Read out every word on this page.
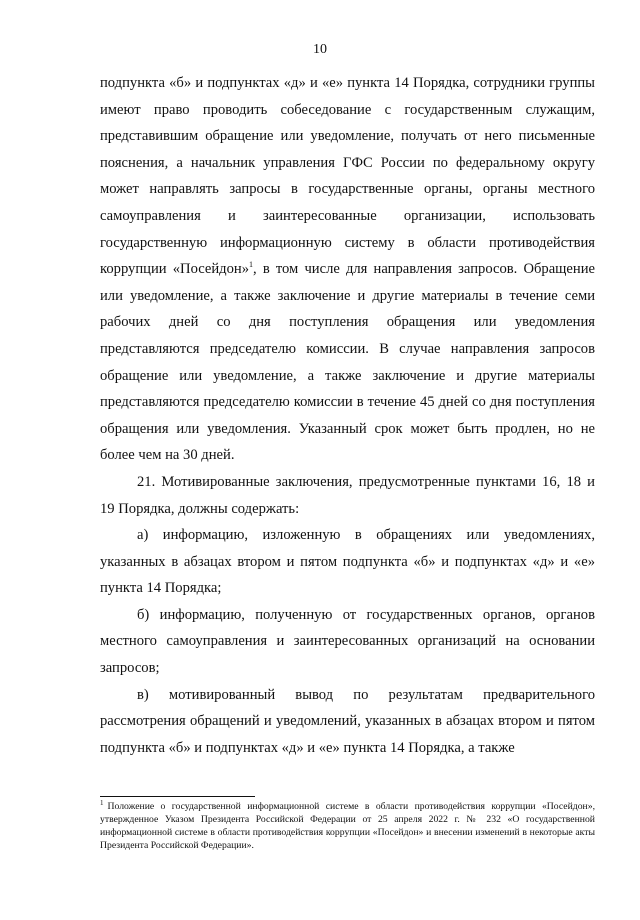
10

подпункта «б» и подпунктах «д» и «е» пункта 14 Порядка, сотрудники группы имеют право проводить собеседование с государственным служащим, представившим обращение или уведомление, получать от него письменные пояснения, а начальник управления ГФС России по федеральному округу может направлять запросы в государственные органы, органы местного самоуправления и заинтересованные организации, использовать государственную информационную систему в области противодействия коррупции «Посейдон»$^1$, в том числе для направления запросов. Обращение или уведомление, а также заключение и другие материалы в течение семи рабочих дней со дня поступления обращения или уведомления представляются председателю комиссии. В случае направления запросов обращение или уведомление, а также заключение и другие материалы представляются председателю комиссии в течение 45 дней со дня поступления обращения или уведомления. Указанный срок может быть продлен, но не более чем на 30 дней.

21. Мотивированные заключения, предусмотренные пунктами 16, 18 и 19 Порядка, должны содержать:

а) информацию, изложенную в обращениях или уведомлениях, указанных в абзацах втором и пятом подпункта «б» и подпунктах «д» и «е» пункта 14 Порядка;

б) информацию, полученную от государственных органов, органов местного самоуправления и заинтересованных организаций на основании запросов;

в) мотивированный вывод по результатам предварительного рассмотрения обращений и уведомлений, указанных в абзацах втором и пятом подпункта «б» и подпунктах «д» и «е» пункта 14 Порядка, а также

$^1$ Положение о государственной информационной системе в области противодействия коррупции «Посейдон», утвержденное Указом Президента Российской Федерации от 25 апреля 2022 г. № 232 «О государственной информационной системе в области противодействия коррупции «Посейдон» и внесении изменений в некоторые акты Президента Российской Федерации».
